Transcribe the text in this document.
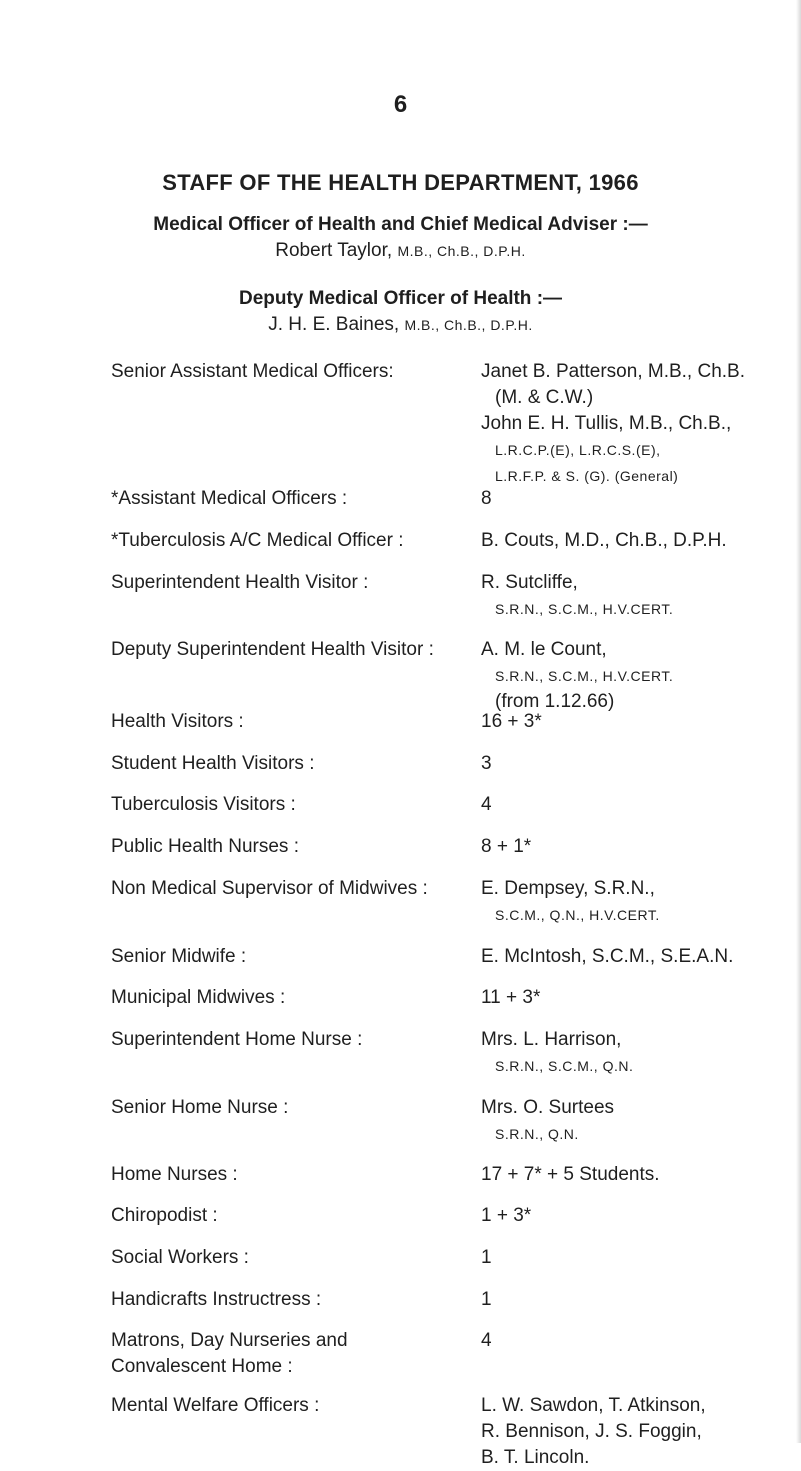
6
STAFF OF THE HEALTH DEPARTMENT, 1966
Medical Officer of Health and Chief Medical Adviser :—
Robert Taylor, M.B., Ch.B., D.P.H.
Deputy Medical Officer of Health :—
J. H. E. Baines, M.B., Ch.B., D.P.H.
Senior Assistant Medical Officers:	Janet B. Patterson, M.B., Ch.B.
(M. & C.W.)
John E. H. Tullis, M.B., Ch.B.,
L.R.C.P.(E), L.R.C.S.(E),
L.R.F.P. & S. (G). (General)
*Assistant Medical Officers :	8
*Tuberculosis A/C Medical Officer :	B. Couts, M.D., Ch.B., D.P.H.
Superintendent Health Visitor :	R. Sutcliffe,
S.R.N., S.C.M., H.V.CERT.
Deputy Superintendent Health Visitor : A. M. le Count,
S.R.N., S.C.M., H.V.CERT.
(from 1.12.66)
Health Visitors :	16 + 3*
Student Health Visitors :	3
Tuberculosis Visitors :	4
Public Health Nurses :	8 + 1*
Non Medical Supervisor of Midwives :	E. Dempsey, S.R.N.,
S.C.M., Q.N., H.V.CERT.
Senior Midwife :	E. McIntosh, S.C.M., S.E.A.N.
Municipal Midwives :	11 + 3*
Superintendent Home Nurse :	Mrs. L. Harrison,
S.R.N., S.C.M., Q.N.
Senior Home Nurse :	Mrs. O. Surtees
S.R.N., Q.N.
Home Nurses :	17 + 7* + 5 Students.
Chiropodist :	1 + 3*
Social Workers :	1
Handicrafts Instructress :	1
Matrons, Day Nurseries and Convalescent Home :
4
Mental Welfare Officers :	L. W. Sawdon, T. Atkinson,
R. Bennison, J. S. Foggin,
B. T. Lincoln.
